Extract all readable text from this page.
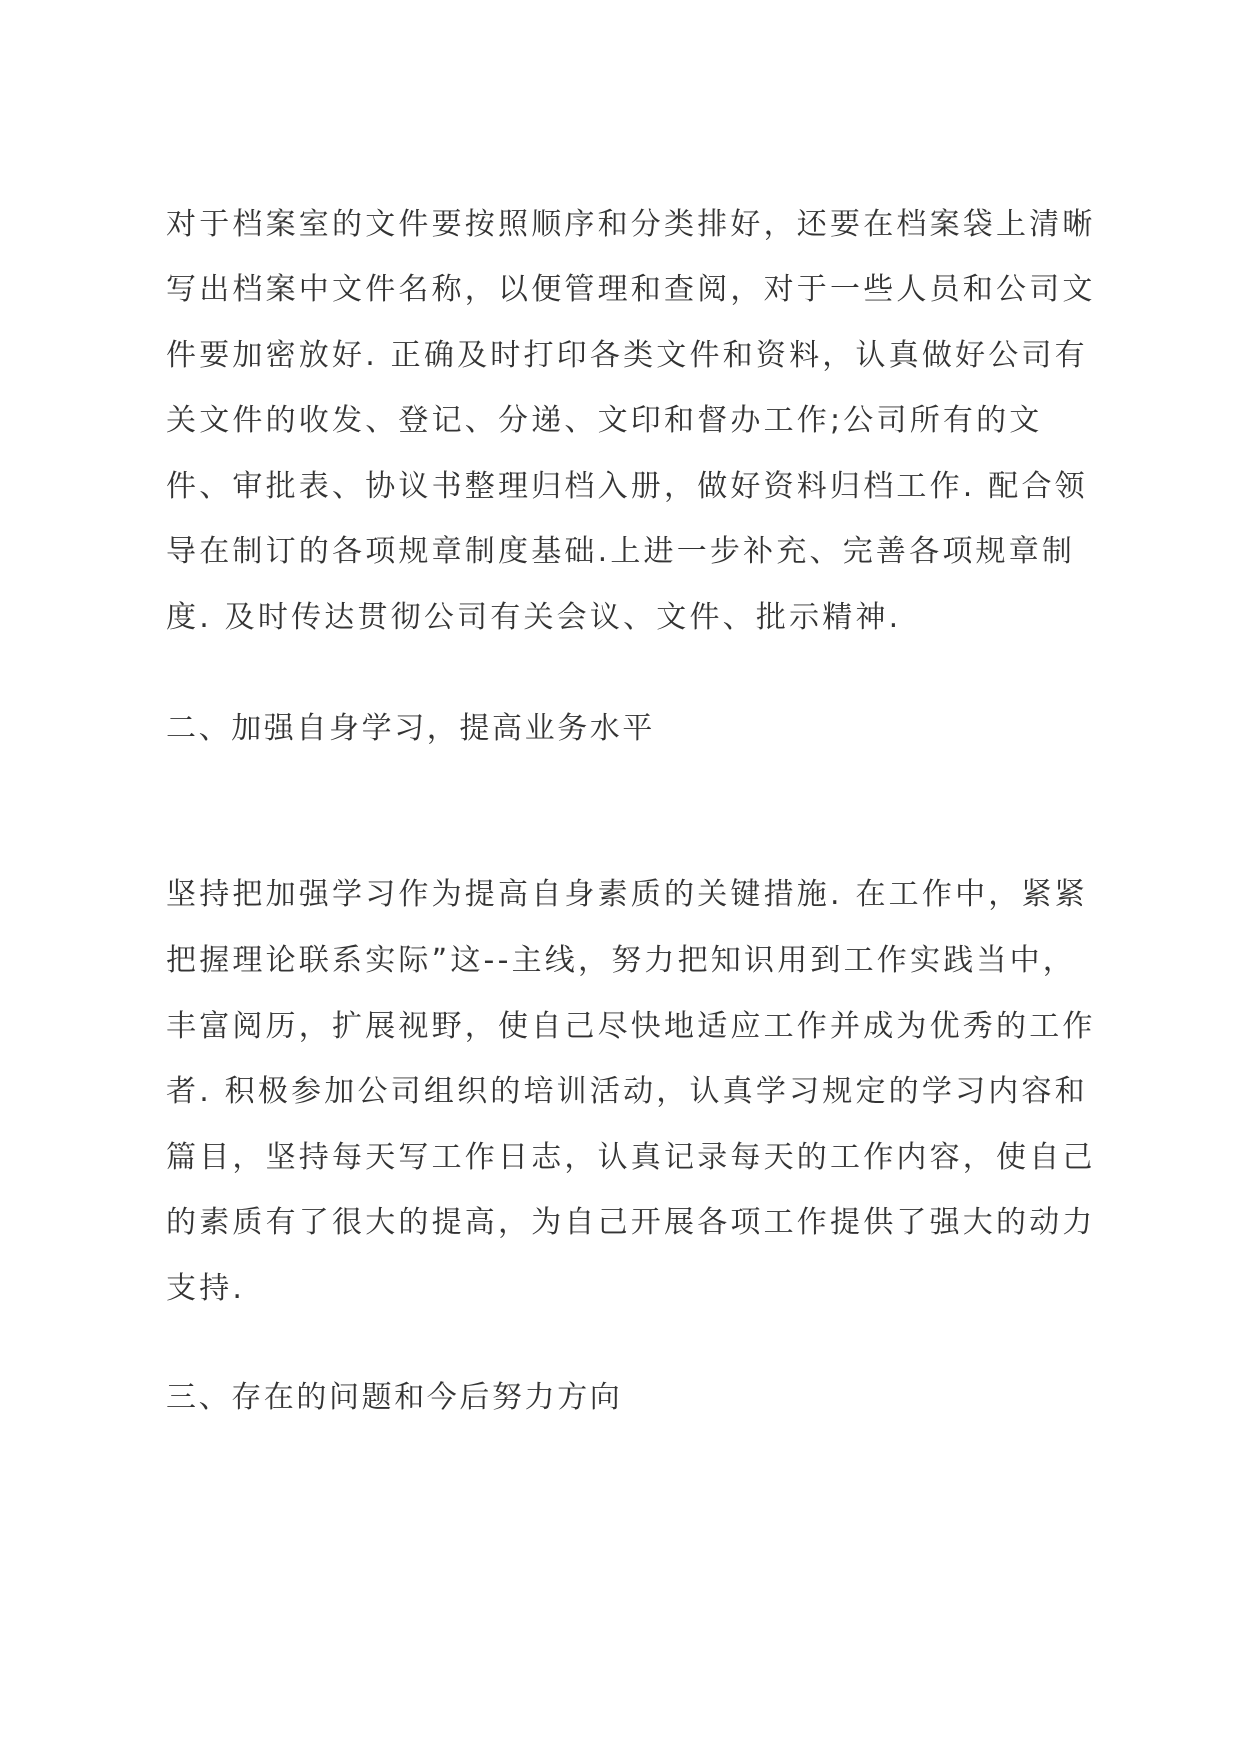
对于档案室的文件要按照顺序和分类排好，还要在档案袋上清晰
写出档案中文件名称，以便管理和查阅，对于一些人员和公司文
件要加密放好. 正确及时打印各类文件和资料，认真做好公司有
关文件的收发、登记、分递、文印和督办工作;公司所有的文
件、审批表、协议书整理归档入册，做好资料归档工作. 配合领
导在制订的各项规章制度基础.上进一步补充、完善各项规章制
度. 及时传达贯彻公司有关会议、文件、批示精神.
二、加强自身学习，提高业务水平
坚持把加强学习作为提高自身素质的关键措施. 在工作中，紧紧
把握理论联系实际”这--主线，努力把知识用到工作实践当中，
丰富阅历，扩展视野，使自己尽快地适应工作并成为优秀的工作
者. 积极参加公司组织的培训活动，认真学习规定的学习内容和
篇目，坚持每天写工作日志，认真记录每天的工作内容，使自己
的素质有了很大的提高，为自己开展各项工作提供了强大的动力
支持.
三、存在的问题和今后努力方向
